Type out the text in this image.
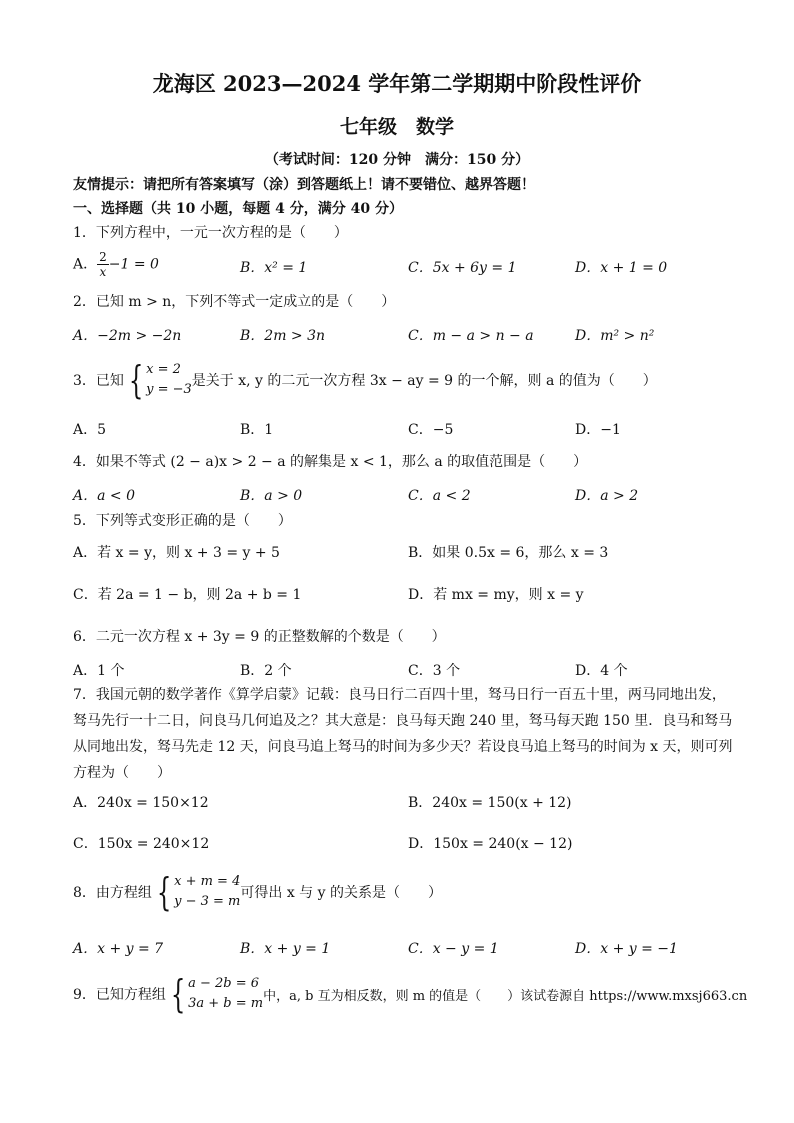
龙海区 2023—2024 学年第二学期期中阶段性评价
七年级　数学
（考试时间：120 分钟　满分：150 分）
友情提示：请把所有答案填写（涂）到答题纸上！请不要错位、越界答题！
一、选择题（共 10 小题，每题 4 分，满分 40 分）
1．下列方程中，一元一次方程的是（　　）
A． $\frac{2}{x} -1 = 0$	B．x² = 1	C．5x + 6y = 1	D．x + 1 = 0
2．已知 m > n，下列不等式一定成立的是（　　）
A．−2m > −2n	B．2m > 3n	C．m − a > n − a	D．m² > n²
3．已知 { x = 2
y = −3
是关于 x, y 的二元一次方程 3x − ay = 9 的一个解，则 a 的值为（　　）
A．5	B．1	C．−5	D．−1
4．如果不等式 (2 − a)x > 2 − a 的解集是 x < 1，那么 a 的取值范围是（　　）
A．a < 0	B．a > 0	C．a < 2	D．a > 2
5．下列等式变形正确的是（　　）
A．若 x = y，则 x + 3 = y + 5	B．如果 0.5x = 6，那么 x = 3
C．若 2a = 1 − b，则 2a + b = 1	D．若 mx = my，则 x = y
6．二元一次方程 x + 3y = 9 的正整数解的个数是（　　）
A．1 个	B．2 个	C．3 个	D．4 个
7．我国元朝的数学著作《算学启蒙》记载：良马日行二百四十里，驽马日行一百五十里，两马同地出发，驽马先行一十二日，问良马几何追及之？其大意是：良马每天跑 240 里，驽马每天跑 150 里．良马和驽马从同地出发，驽马先走 12 天，问良马追上驽马的时间为多少天？若设良马追上驽马的时间为 x 天，则可列方程为（　　）
A．240x = 150×12	B．240x = 150(x + 12)
C．150x = 240×12	D．150x = 240(x − 12)
8．由方程组 { x + m = 4
y − 3 = m
可得出 x 与 y 的关系是（　　）
A．x + y = 7	B．x + y = 1	C．x − y = 1	D．x + y = −1
9．已知方程组 { a − 2b = 6
3a + b = m 中，a, b 互为相反数，则 m 的值是（　　）该试卷源自 https://www.mxsj663.cn
